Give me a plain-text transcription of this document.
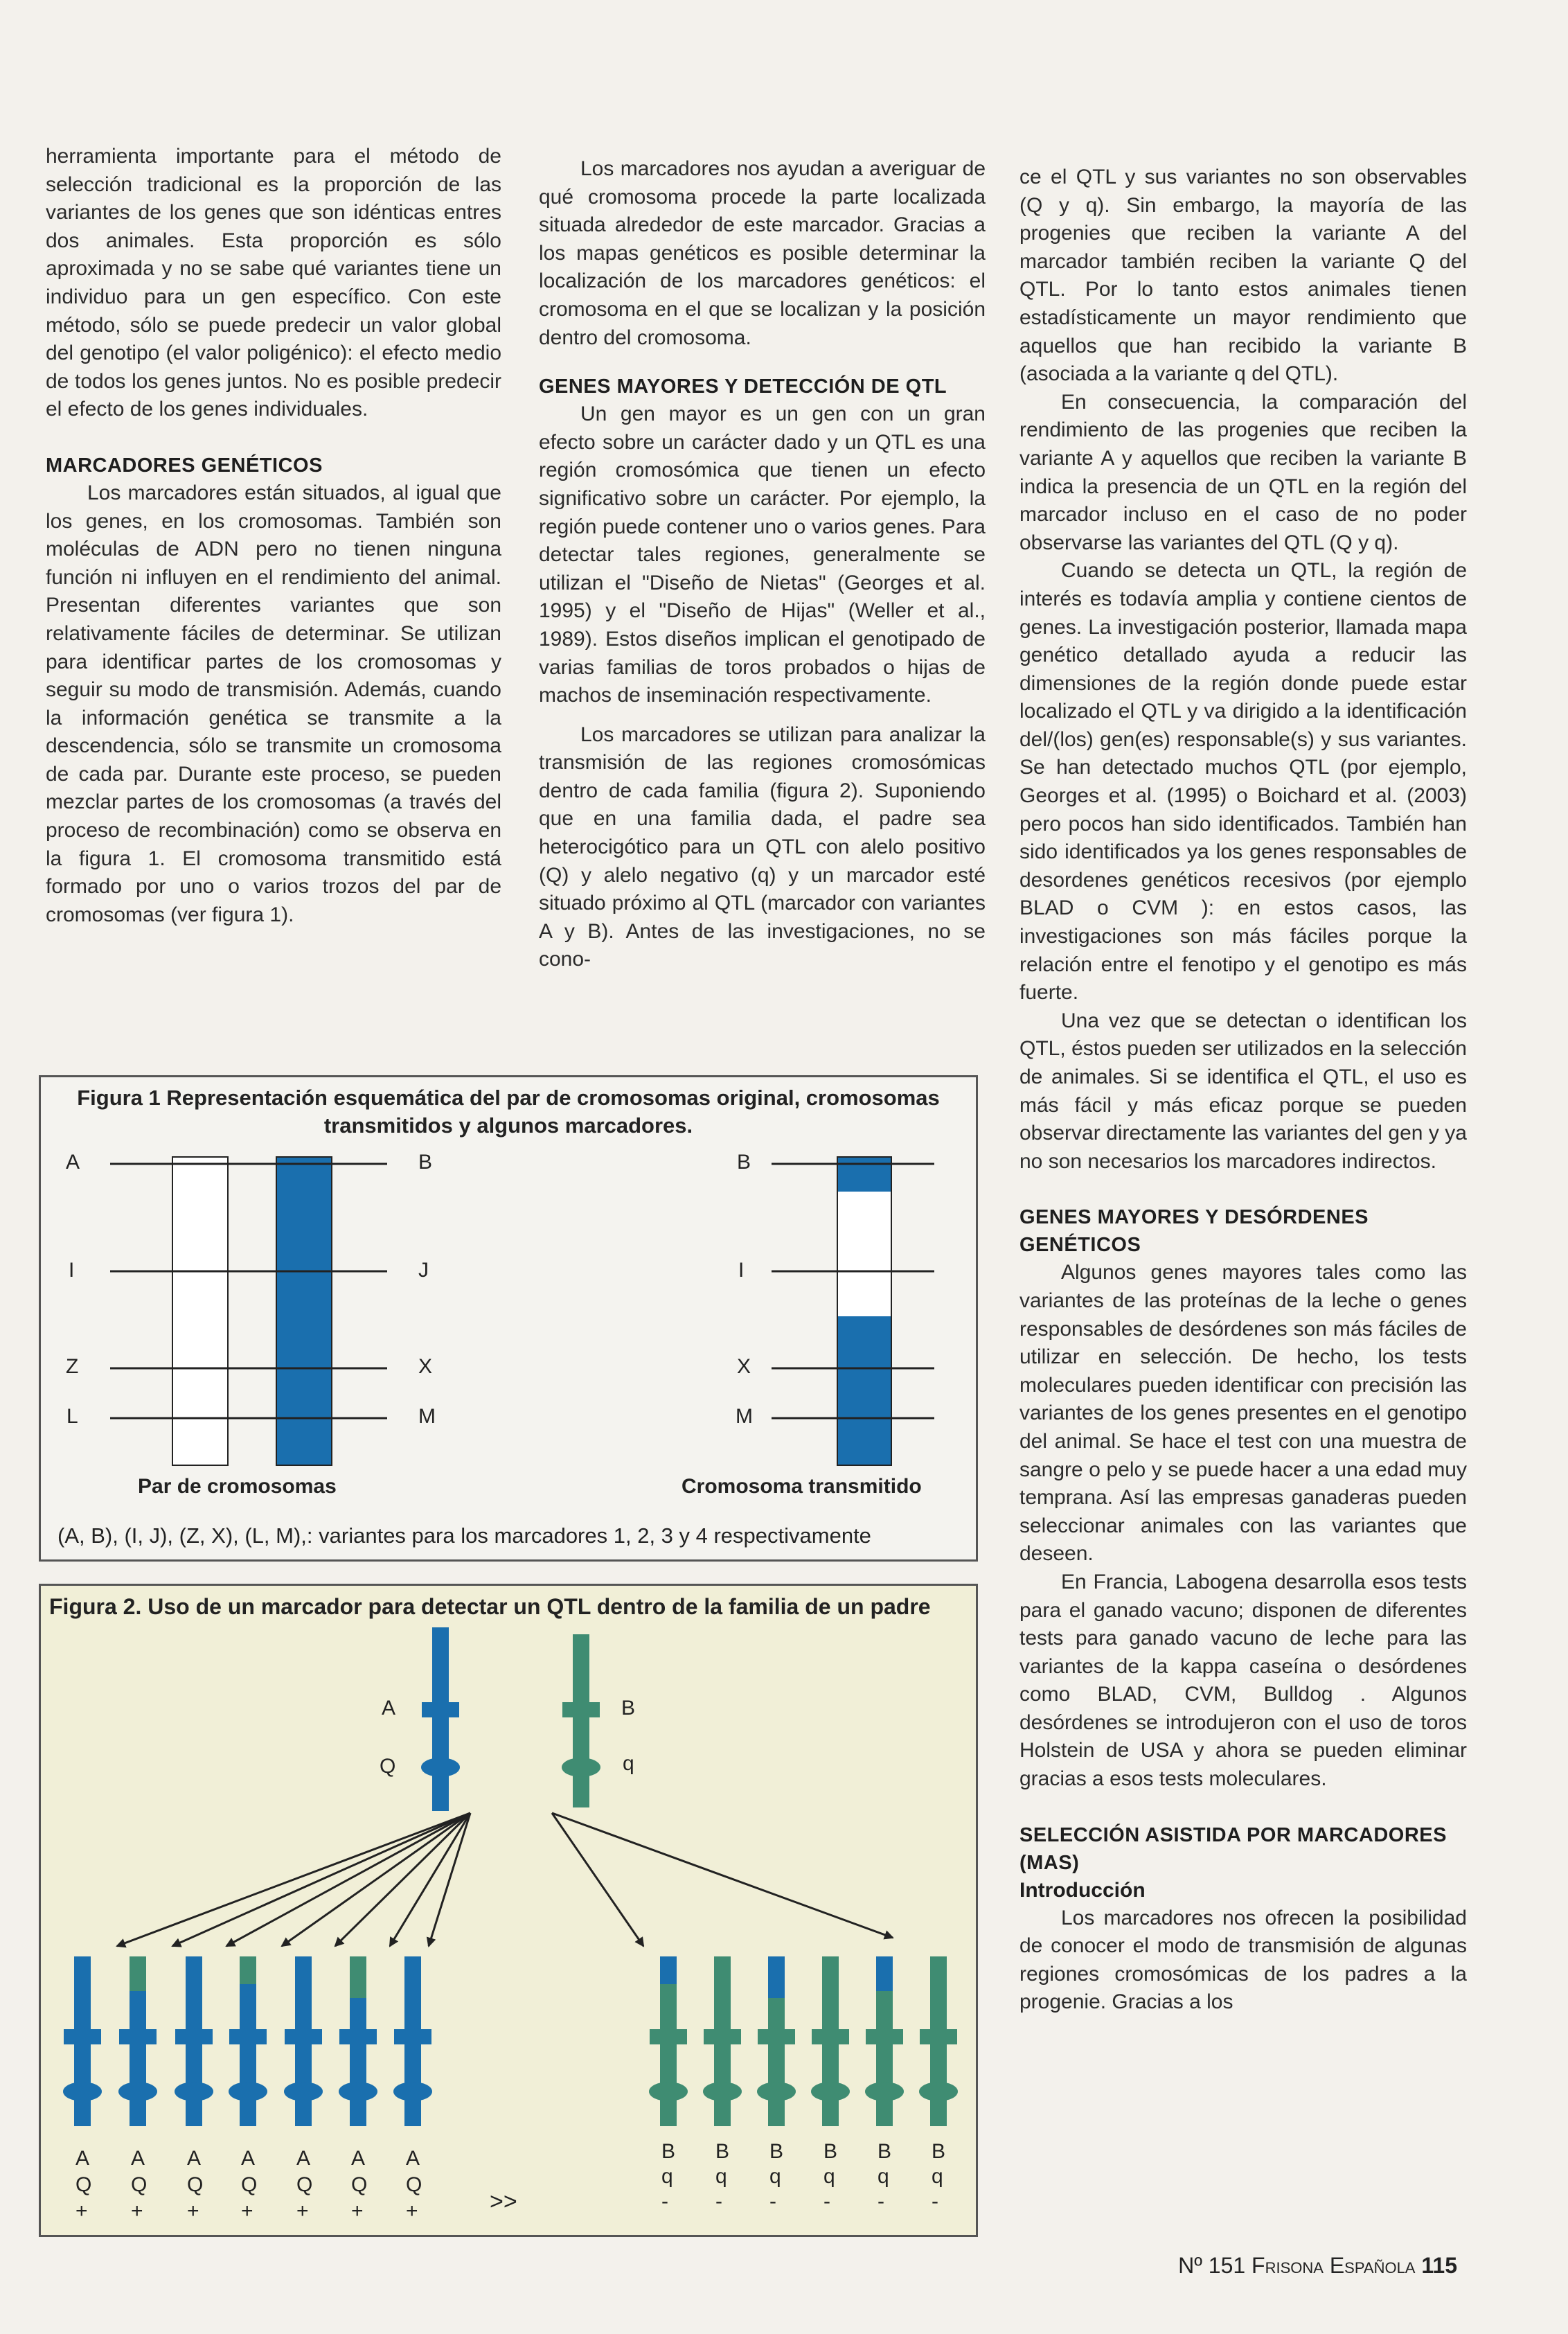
herramienta importante para el método de selección tradicional es la proporción de las variantes de los genes que son idénticas entres dos animales. Esta proporción es sólo aproximada y no se sabe qué variantes tiene un individuo para un gen específico. Con este método, sólo se puede predecir un valor global del genotipo (el valor poligénico): el efecto medio de todos los genes juntos. No es posible predecir el efecto de los genes individuales.

MARCADORES GENÉTICOS

Los marcadores están situados, al igual que los genes, en los cromosomas. También son moléculas de ADN pero no tienen ninguna función ni influyen en el rendimiento del animal. Presentan diferentes variantes que son relativamente fáciles de determinar. Se utilizan para identificar partes de los cromosomas y seguir su modo de transmisión. Además, cuando la información genética se transmite a la descendencia, sólo se transmite un cromosoma de cada par. Durante este proceso, se pueden mezclar partes de los cromosomas (a través del proceso de recombinación) como se observa en la figura 1. El cromosoma transmitido está formado por uno o varios trozos del par de cromosomas (ver figura 1).

Los marcadores nos ayudan a averiguar de qué cromosoma procede la parte localizada situada alrededor de este marcador. Gracias a los mapas genéticos es posible determinar la localización de los marcadores genéticos: el cromosoma en el que se localizan y la posición dentro del cromosoma.

GENES MAYORES Y DETECCIÓN DE QTL

Un gen mayor es un gen con un gran efecto sobre un carácter dado y un QTL es una región cromosómica que tienen un efecto significativo sobre un carácter. Por ejemplo, la región puede contener uno o varios genes. Para detectar tales regiones, generalmente se utilizan el "Diseño de Nietas" (Georges et al. 1995) y el "Diseño de Hijas" (Weller et al., 1989). Estos diseños implican el genotipado de varias familias de toros probados o hijas de machos de inseminación respectivamente.

Los marcadores se utilizan para analizar la transmisión de las regiones cromosómicas dentro de cada familia (figura 2). Suponiendo que en una familia dada, el padre sea heterocigótico para un QTL con alelo positivo (Q) y alelo negativo (q) y un marcador esté situado próximo al QTL (marcador con variantes A y B). Antes de las investigaciones, no se cono-

ce el QTL y sus variantes no son observables (Q y q). Sin embargo, la mayoría de las progenies que reciben la variante A del marcador también reciben la variante Q del QTL. Por lo tanto estos animales tienen estadísticamente un mayor rendimiento que aquellos que han recibido la variante B (asociada a la variante q del QTL).

En consecuencia, la comparación del rendimiento de las progenies que reciben la variante A y aquellos que reciben la variante B indica la presencia de un QTL en la región del marcador incluso en el caso de no poder observarse las variantes del QTL (Q y q).

Cuando se detecta un QTL, la región de interés es todavía amplia y contiene cientos de genes. La investigación posterior, llamada mapa genético detallado ayuda a reducir las dimensiones de la región donde puede estar localizado el QTL y va dirigido a la identificación del/(los) gen(es) responsable(s) y sus variantes. Se han detectado muchos QTL (por ejemplo, Georges et al. (1995) o Boichard et al. (2003) pero pocos han sido identificados. También han sido identificados ya los genes responsables de desordenes genéticos recesivos (por ejemplo BLAD o CVM ): en estos casos, las investigaciones son más fáciles porque la relación entre el fenotipo y el genotipo es más fuerte.

Una vez que se detectan o identifican los QTL, éstos pueden ser utilizados en la selección de animales. Si se identifica el QTL, el uso es más fácil y más eficaz porque se pueden observar directamente las variantes del gen y ya no son necesarios los marcadores indirectos.

GENES MAYORES Y DESÓRDENES GENÉTICOS

Algunos genes mayores tales como las variantes de las proteínas de la leche o genes responsables de desórdenes son más fáciles de utilizar en selección. De hecho, los tests moleculares pueden identificar con precisión las variantes de los genes presentes en el genotipo del animal. Se hace el test con una muestra de sangre o pelo y se puede hacer a una edad muy temprana. Así las empresas ganaderas pueden seleccionar animales con las variantes que deseen.

En Francia, Labogena desarrolla esos tests para el ganado vacuno; disponen de diferentes tests para ganado vacuno de leche para las variantes de la kappa caseína o desórdenes como BLAD, CVM, Bulldog . Algunos desórdenes se introdujeron con el uso de toros Holstein de USA y ahora se pueden eliminar gracias a esos tests moleculares.

SELECCIÓN ASISTIDA POR MARCADORES (MAS)
Introducción

Los marcadores nos ofrecen la posibilidad de conocer el modo de transmisión de algunas regiones cromosómicas de los padres a la progenie. Gracias a los

Figura 1 Representación esquemática del par de cromosomas original, cromosomas transmitidos y algunos marcadores.
A
I
Z
L
B
J
X
M
B
I
X
M
Par de cromosomas	Cromosoma transmitido
(A, B), (I, J), (Z, X), (L, M),: variantes para los marcadores 1, 2, 3 y 4 respectivamente
Figura 2. Uso de un marcador para detectar un QTL dentro de la familia de un padre
A
Q
B
q
A
Q
+
A
Q
+
A
Q
+
A
Q
+
A
Q
+
A
Q
+
A
Q
+
B
q
-
B
q
-
B
q
-
B
q
-
B
q
-
B
q
-
>>
Nº 151 Frisona Española 115
